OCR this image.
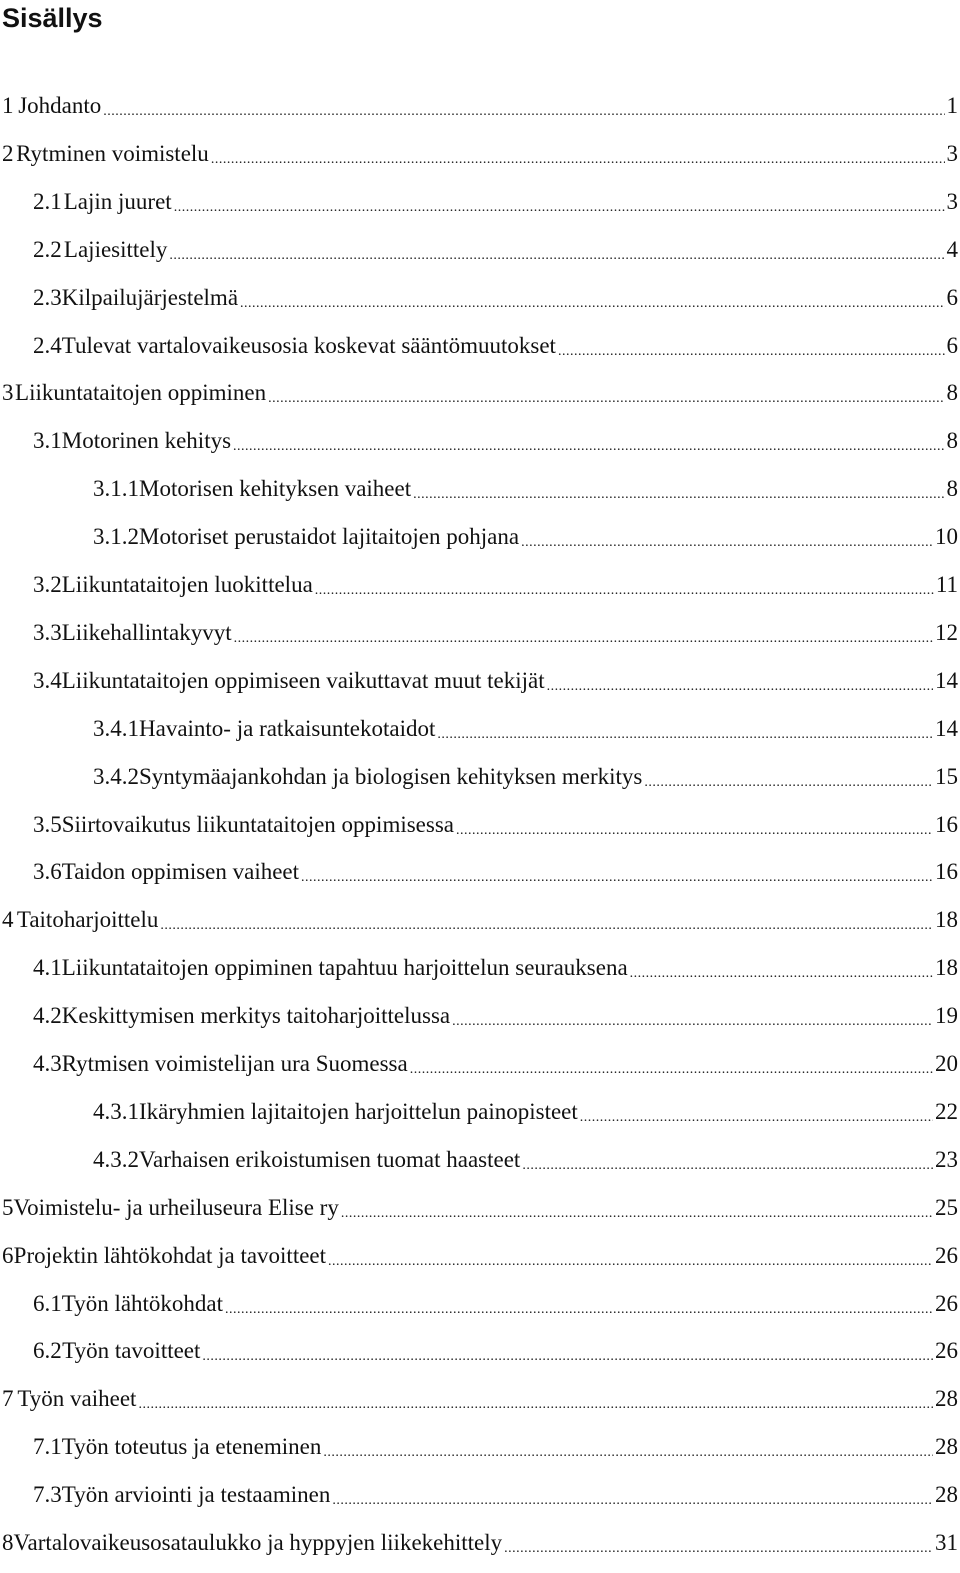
Sisällys
1 Johdanto .....	1
2 Rytminen voimistelu .....	3
2.1 Lajin juuret .....	3
2.2 Lajiesittely .....	4
2.3 Kilpailujärjestelmä .....	6
2.4 Tulevat vartalovaikeusosia koskevat sääntömuutokset .....	6
3 Liikuntataitojen oppiminen .....	8
3.1 Motorinen kehitys .....	8
3.1.1 Motorisen kehityksen vaiheet .....	8
3.1.2 Motoriset perustaidot lajitaitojen pohjana .....	10
3.2 Liikuntataitojen luokittelua .....	11
3.3 Liikehallintakyvyt .....	12
3.4 Liikuntataitojen oppimiseen vaikuttavat muut tekijät .....	14
3.4.1 Havainto- ja ratkaisuntekotaidot .....	14
3.4.2 Syntymäajankohdan ja biologisen kehityksen merkitys .....	15
3.5 Siirtovaikutus liikuntataitojen oppimisessa .....	16
3.6 Taidon oppimisen vaiheet .....	16
4 Taitoharjoittelu .....	18
4.1 Liikuntataitojen oppiminen tapahtuu harjoittelun seurauksena .....	18
4.2 Keskittymisen merkitys taitoharjoittelussa .....	19
4.3 Rytmisen voimistelijan ura Suomessa .....	20
4.3.1 Ikäryhmien lajitaitojen harjoittelun painopisteet .....	22
4.3.2 Varhaisen erikoistumisen tuomat haasteet .....	23
5 Voimistelu- ja urheiluseura Elise ry .....	25
6 Projektin lähtökohdat ja tavoitteet .....	26
6.1 Työn lähtökohdat .....	26
6.2 Työn tavoitteet .....	26
7 Työn vaiheet .....	28
7.1 Työn toteutus ja eteneminen .....	28
7.3 Työn arviointi ja testaaminen .....	28
8 Vartalovaikeusosataulukko ja hyppyjen liikekehittely .....	31
